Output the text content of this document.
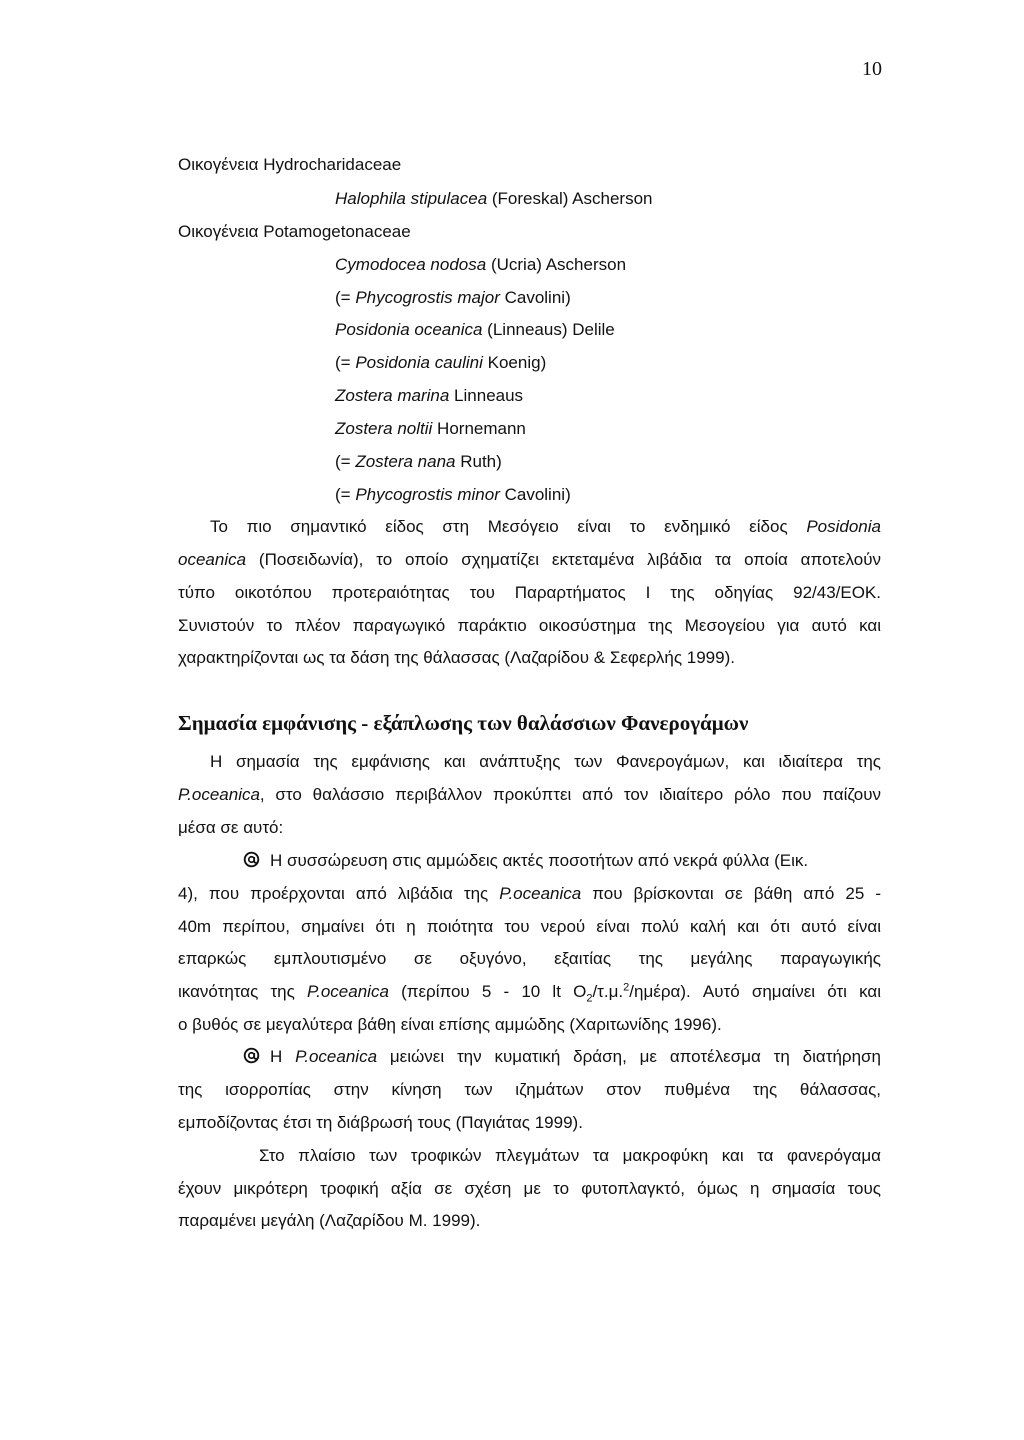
10
Οικογένεια Hydrocharidaceae
Halophila stipulacea (Foreskal) Ascherson
Οικογένεια Potamogetonaceae
Cymodocea nodosa (Ucria) Ascherson
(= Phycogrostis major Cavolini)
Posidonia oceanica (Linneaus) Delile
(= Posidonia caulini Koenig)
Zostera marina Linneaus
Zostera noltii Hornemann
(= Zostera nana Ruth)
(= Phycogrostis minor Cavolini)
Το πιο σημαντικό είδος στη Μεσόγειο είναι το ενδημικό είδος Posidonia
oceanica (Ποσειδωνία), το οποίο σχηματίζει εκτεταμένα λιβάδια τα οποία αποτελούν
τύπο οικοτόπου προτεραιότητας του Παραρτήματος Ι της οδηγίας 92/43/ΕΟΚ.
Συνιστούν το πλέον παραγωγικό παράκτιο οικοσύστημα της Μεσογείου για αυτό και
χαρακτηρίζονται ως τα δάση της θάλασσας (Λαζαρίδου & Σεφερλής 1999).
Σημασία εμφάνισης - εξάπλωσης των θαλάσσιων Φανερογάμων
Η σημασία της εμφάνισης και ανάπτυξης των Φανερογάμων, και ιδιαίτερα της
P.oceanica, στο θαλάσσιο περιβάλλον προκύπτει από τον ιδιαίτερο ρόλο που παίζουν
μέσα σε αυτό:
Η συσσώρευση στις αμμώδεις ακτές ποσοτήτων από νεκρά φύλλα (Εικ.
4), που προέρχονται από λιβάδια της P.oceanica που βρίσκονται σε βάθη από 25 -
40m περίπου, σημαίνει ότι η ποιότητα του νερού είναι πολύ καλή και ότι αυτό είναι
επαρκώς εμπλουτισμένο σε οξυγόνο, εξαιτίας της μεγάλης παραγωγικής
ικανότητας της P.oceanica (περίπου 5 - 10 lt $O_2/\tau.\mu.^2/\eta\mu έ\rho\alpha$). Αυτό σημαίνει ότι και
ο βυθός σε μεγαλύτερα βάθη είναι επίσης αμμώδης (Χαριτωνίδης 1996).
Η P.oceanica μειώνει την κυματική δράση, με αποτέλεσμα τη διατήρηση
της ισορροπίας στην κίνηση των ιζημάτων στον πυθμένα της θάλασσας,
εμποδίζοντας έτσι τη διάβρωσή τους (Παγιάτας 1999).
Στο πλαίσιο των τροφικών πλεγμάτων τα μακροφύκη και τα φανερόγαμα
έχουν μικρότερη τροφική αξία σε σχέση με το φυτοπλαγκτό, όμως η σημασία τους
παραμένει μεγάλη (Λαζαρίδου Μ. 1999).
